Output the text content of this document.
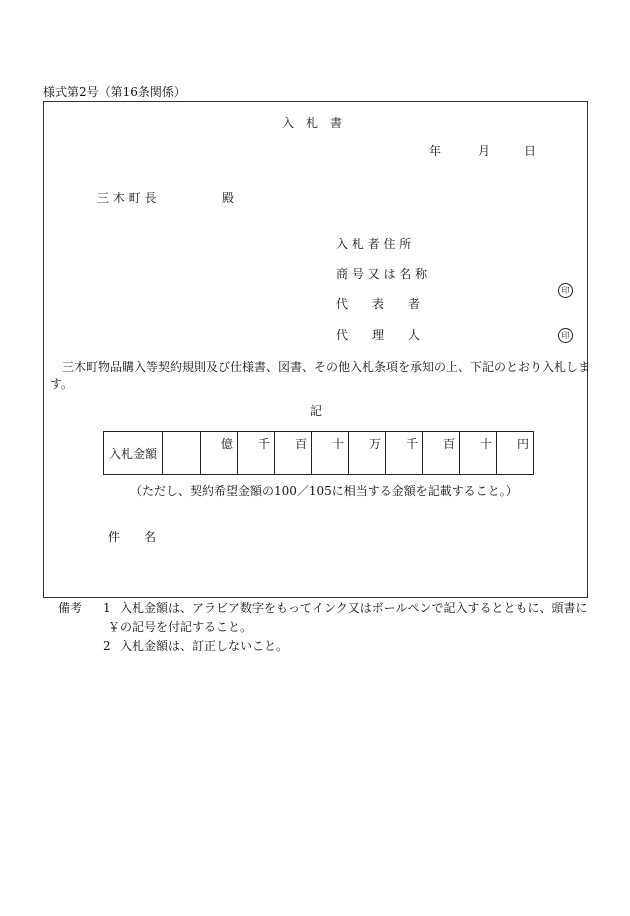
様式第2号（第16条関係）
入　札　書
年	月	日
三 木 町 長	殿
入 札 者 住 所
商 号 又 は 名 称
代　　表　　者
印
代　　理　　人	印
三木町物品購入等契約規則及び仕様書、図書、その他入札条項を承知の上、下記のとおり入札しま
す。
記
入札金額		億	千	百	十	万	千	百	十	円
（ただし、契約希望金額の100／105に相当する金額を記載すること。）
件　　名
備考 1 入札金額は、アラビア数字をもってインク又はボールペンで記入するとともに、頭書に
￥の記号を付記すること。
2 入札金額は、訂正しないこと。
